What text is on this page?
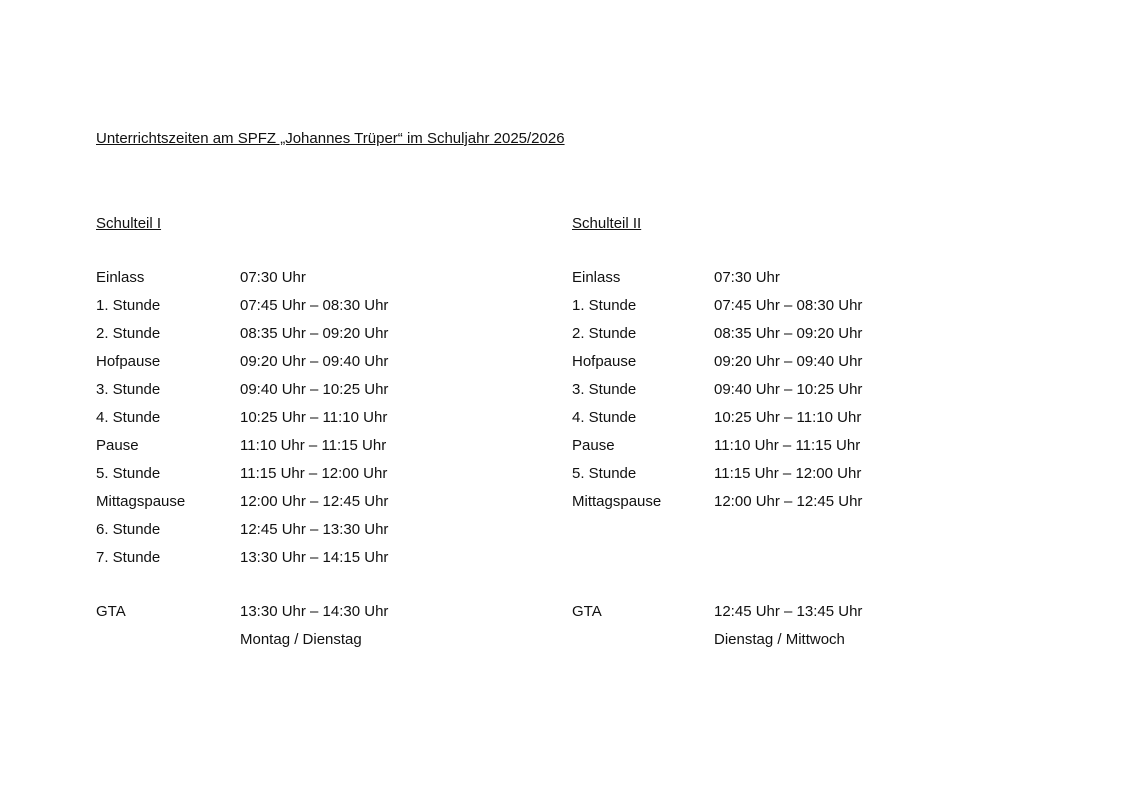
Unterrichtszeiten am SPFZ „Johannes Trüper“ im Schuljahr 2025/2026
Schulteil I
Einlass	07:30 Uhr
1. Stunde	07:45 Uhr – 08:30 Uhr
2. Stunde	08:35 Uhr – 09:20 Uhr
Hofpause	09:20 Uhr – 09:40 Uhr
3. Stunde	09:40 Uhr – 10:25 Uhr
4. Stunde	10:25 Uhr – 11:10 Uhr
Pause	11:10 Uhr – 11:15 Uhr
5. Stunde	11:15 Uhr – 12:00 Uhr
Mittagspause	12:00 Uhr – 12:45 Uhr
6. Stunde	12:45 Uhr – 13:30 Uhr
7. Stunde	13:30 Uhr – 14:15 Uhr
GTA	13:30 Uhr – 14:30 Uhr
Montag / Dienstag
Schulteil II
Einlass	07:30 Uhr
1. Stunde	07:45 Uhr – 08:30 Uhr
2. Stunde	08:35 Uhr – 09:20 Uhr
Hofpause	09:20 Uhr – 09:40 Uhr
3. Stunde	09:40 Uhr – 10:25 Uhr
4. Stunde	10:25 Uhr – 11:10 Uhr
Pause	11:10 Uhr – 11:15 Uhr
5. Stunde	11:15 Uhr – 12:00 Uhr
Mittagspause	12:00 Uhr – 12:45 Uhr
GTA	12:45 Uhr – 13:45 Uhr
Dienstag / Mittwoch
